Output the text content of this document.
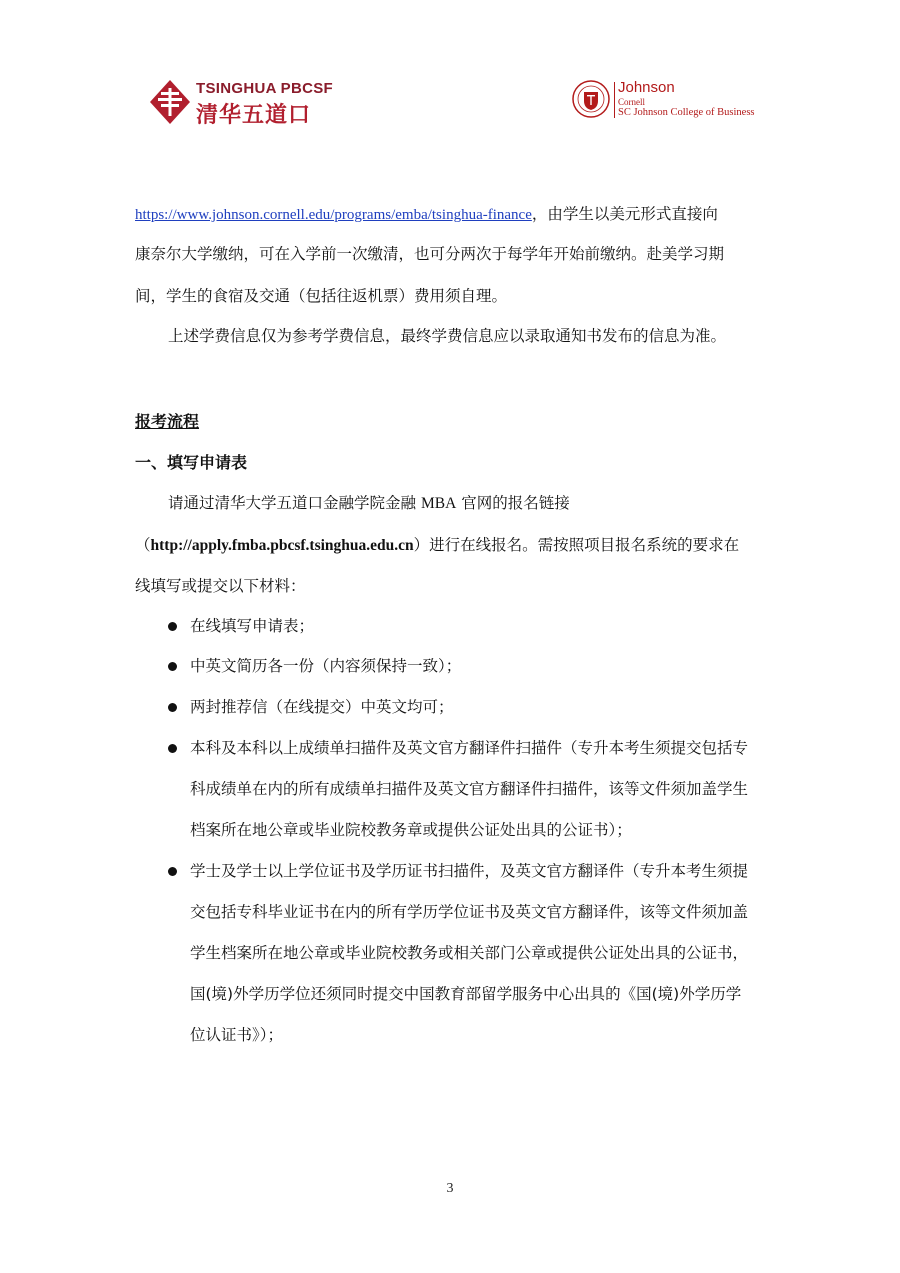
TSINGHUA PBCSF
清华五道口
Johnson
Cornell
SC Johnson College of Business
https://www.johnson.cornell.edu/programs/emba/tsinghua-finance，由学生以美元形式直接向
康奈尔大学缴纳，可在入学前一次缴清，也可分两次于每学年开始前缴纳。赴美学习期
间，学生的食宿及交通（包括往返机票）费用须自理。
上述学费信息仅为参考学费信息，最终学费信息应以录取通知书发布的信息为准。
报考流程
一、填写申请表
请通过清华大学五道口金融学院金融 MBA 官网的报名链接
（http://apply.fmba.pbcsf.tsinghua.edu.cn）进行在线报名。需按照项目报名系统的要求在
线填写或提交以下材料：
在线填写申请表；
中英文简历各一份（内容须保持一致）；
两封推荐信（在线提交）中英文均可；
本科及本科以上成绩单扫描件及英文官方翻译件扫描件（专升本考生须提交包括专
科成绩单在内的所有成绩单扫描件及英文官方翻译件扫描件，该等文件须加盖学生
档案所在地公章或毕业院校教务章或提供公证处出具的公证书）；
学士及学士以上学位证书及学历证书扫描件，及英文官方翻译件（专升本考生须提
交包括专科毕业证书在内的所有学历学位证书及英文官方翻译件，该等文件须加盖
学生档案所在地公章或毕业院校教务或相关部门公章或提供公证处出具的公证书，
国(境)外学历学位还须同时提交中国教育部留学服务中心出具的《国(境)外学历学
位认证书》）；
3
